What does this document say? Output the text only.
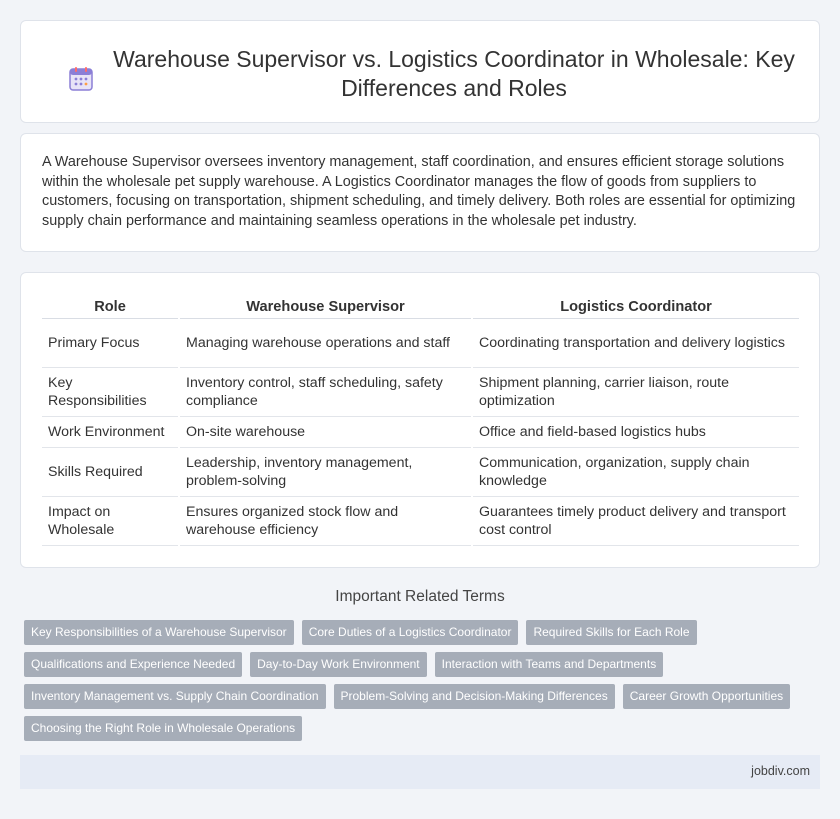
Warehouse Supervisor vs. Logistics Coordinator in Wholesale: Key Differences and Roles

A Warehouse Supervisor oversees inventory management, staff coordination, and ensures efficient storage solutions within the wholesale pet supply warehouse. A Logistics Coordinator manages the flow of goods from suppliers to customers, focusing on transportation, shipment scheduling, and timely delivery. Both roles are essential for optimizing supply chain performance and maintaining seamless operations in the wholesale pet industry.

Role	Warehouse Supervisor	Logistics Coordinator
Primary Focus	Managing warehouse operations and staff	Coordinating transportation and delivery logistics
Key Responsibilities	Inventory control, staff scheduling, safety compliance	Shipment planning, carrier liaison, route optimization
Work Environment	On-site warehouse	Office and field-based logistics hubs
Skills Required	Leadership, inventory management, problem-solving	Communication, organization, supply chain knowledge
Impact on Wholesale	Ensures organized stock flow and warehouse efficiency	Guarantees timely product delivery and transport cost control
Important Related Terms
Key Responsibilities of a Warehouse Supervisor	Core Duties of a Logistics Coordinator	Required Skills for Each Role
Qualifications and Experience Needed	Day-to-Day Work Environment	Interaction with Teams and Departments
Inventory Management vs. Supply Chain Coordination	Problem-Solving and Decision-Making Differences	Career Growth Opportunities
Choosing the Right Role in Wholesale Operations
jobdiv.com
